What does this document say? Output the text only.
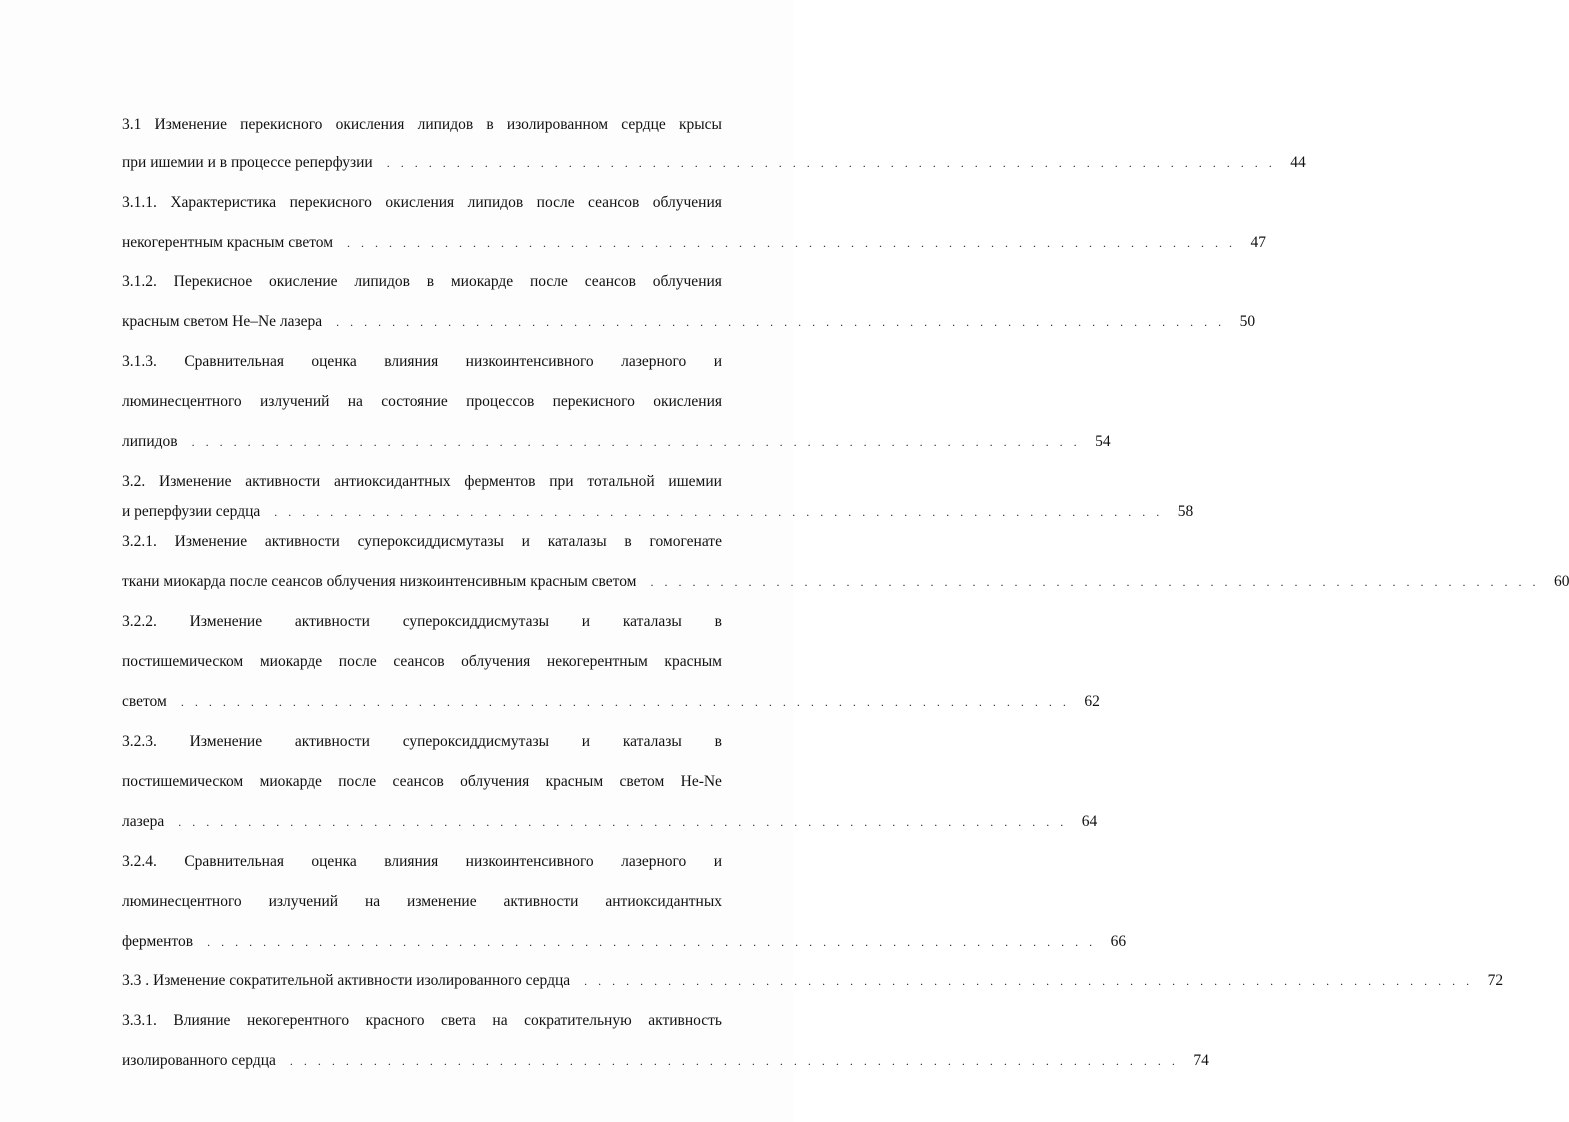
3.1 Изменение перекисного окисления липидов в изолированном сердце крысы
при ишемии и в процессе реперфузии	. . . . . . . . . . . . . . . . . . . . . . . . . . . . . . . . . . . . . . . . . . . . . . . . . . . . . . . . . . . . . . . . 44
3.1.1. Характеристика перекисного окисления липидов после сеансов облучения
некогерентным красным светом	. . . . . . . . . . . . . . . . . . . . . . . . . . . . . . . . . . . . . . . . . . . . . . . . . . . . . . . . . . . . . . . . 47
3.1.2. Перекисное окисление липидов в миокарде после сеансов облучения
красным светом He–Ne лазера	. . . . . . . . . . . . . . . . . . . . . . . . . . . . . . . . . . . . . . . . . . . . . . . . . . . . . . . . . . . . . . . . 50
3.1.3. Сравнительная оценка влияния низкоинтенсивного лазерного и
люминесцентного излучений на состояние процессов перекисного окисления
липидов	. . . . . . . . . . . . . . . . . . . . . . . . . . . . . . . . . . . . . . . . . . . . . . . . . . . . . . . . . . . . . . . . 54
3.2. Изменение активности антиоксидантных ферментов при тотальной ишемии
и реперфузии сердца	. . . . . . . . . . . . . . . . . . . . . . . . . . . . . . . . . . . . . . . . . . . . . . . . . . . . . . . . . . . . . . . . 58
3.2.1. Изменение активности супероксиддисмутазы и каталазы в гомогенате
ткани миокарда после сеансов облучения низкоинтенсивным красным светом	. . . . . . . . . . . . . . . . . . . . . . . . . . . . . . . . . . . . . . . . . . . . . . . . . . . . . . . . . . . . . . . . 60
3.2.2. Изменение активности супероксиддисмутазы и каталазы в
постишемическом миокарде после сеансов облучения некогерентным красным
светом	. . . . . . . . . . . . . . . . . . . . . . . . . . . . . . . . . . . . . . . . . . . . . . . . . . . . . . . . . . . . . . . . 62
3.2.3. Изменение активности супероксиддисмутазы и каталазы в
постишемическом миокарде после сеансов облучения красным светом He-Ne
лазера	. . . . . . . . . . . . . . . . . . . . . . . . . . . . . . . . . . . . . . . . . . . . . . . . . . . . . . . . . . . . . . . . 64
3.2.4. Сравнительная оценка влияния низкоинтенсивного лазерного и
люминесцентного излучений на изменение активности антиоксидантных
ферментов	. . . . . . . . . . . . . . . . . . . . . . . . . . . . . . . . . . . . . . . . . . . . . . . . . . . . . . . . . . . . . . . . 66
3.3 . Изменение сократительной активности изолированного сердца	. . . . . . . . . . . . . . . . . . . . . . . . . . . . . . . . . . . . . . . . . . . . . . . . . . . . . . . . . . . . . . . . 72
3.3.1. Влияние некогерентного красного света на сократительную активность
изолированного сердца	. . . . . . . . . . . . . . . . . . . . . . . . . . . . . . . . . . . . . . . . . . . . . . . . . . . . . . . . . . . . . . . . 74
